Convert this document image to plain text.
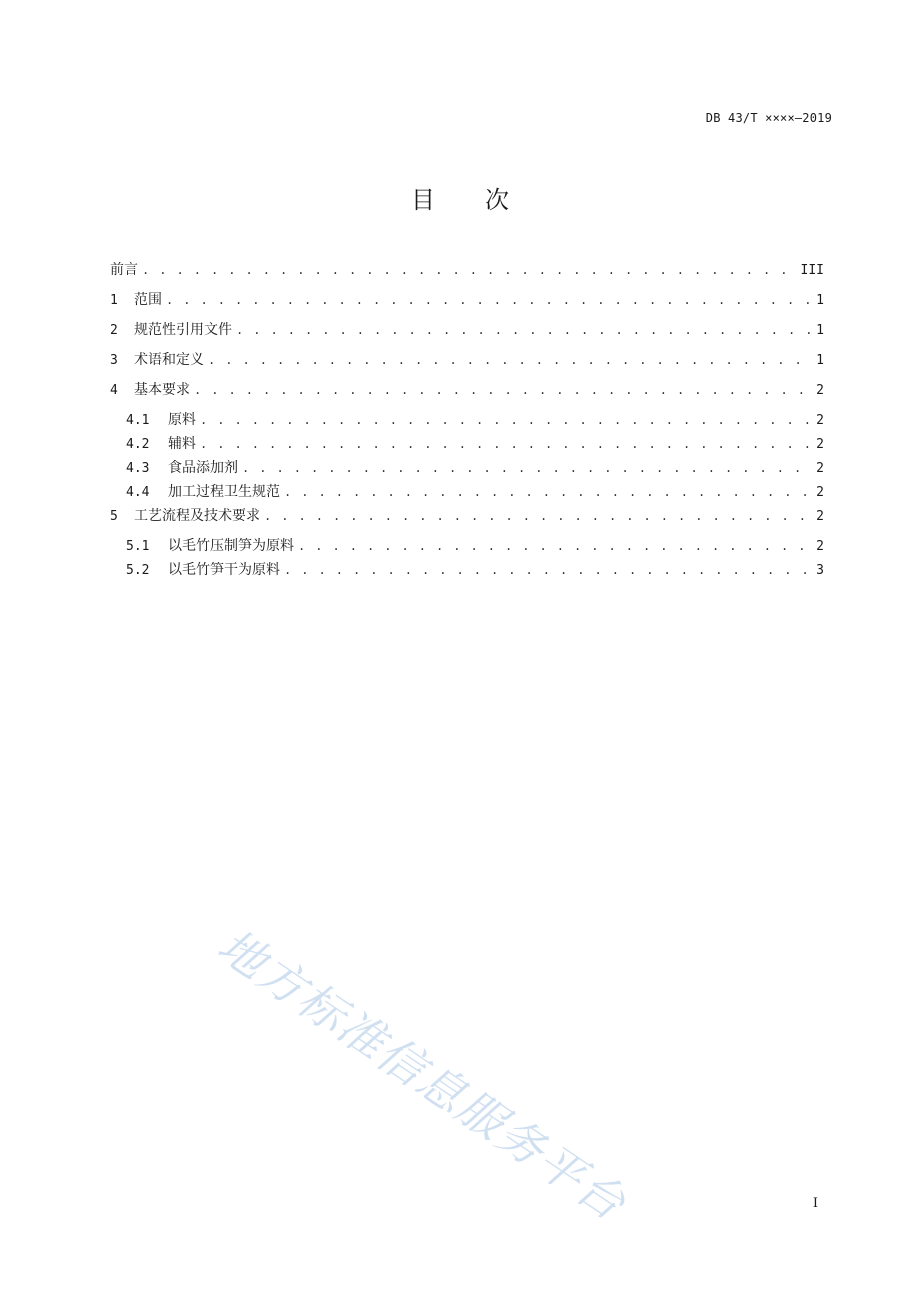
DB 43/T ××××—2019
目次
前言 . . .	III
1	范围 . . .	1
2	规范性引用文件 . . .	1
3	术语和定义 . . .	1
4	基本要求 . . .	2
4.1	原料 . . .	2
4.2	辅料 . . .	2
4.3	食品添加剂 . . .	2
4.4	加工过程卫生规范 . . .	2
5	工艺流程及技术要求 . . .	2
5.1	以毛竹压制笋为原料 . . .	2
5.2	以毛竹笋干为原料 . . .	3
地方标准信息服务平台	I
